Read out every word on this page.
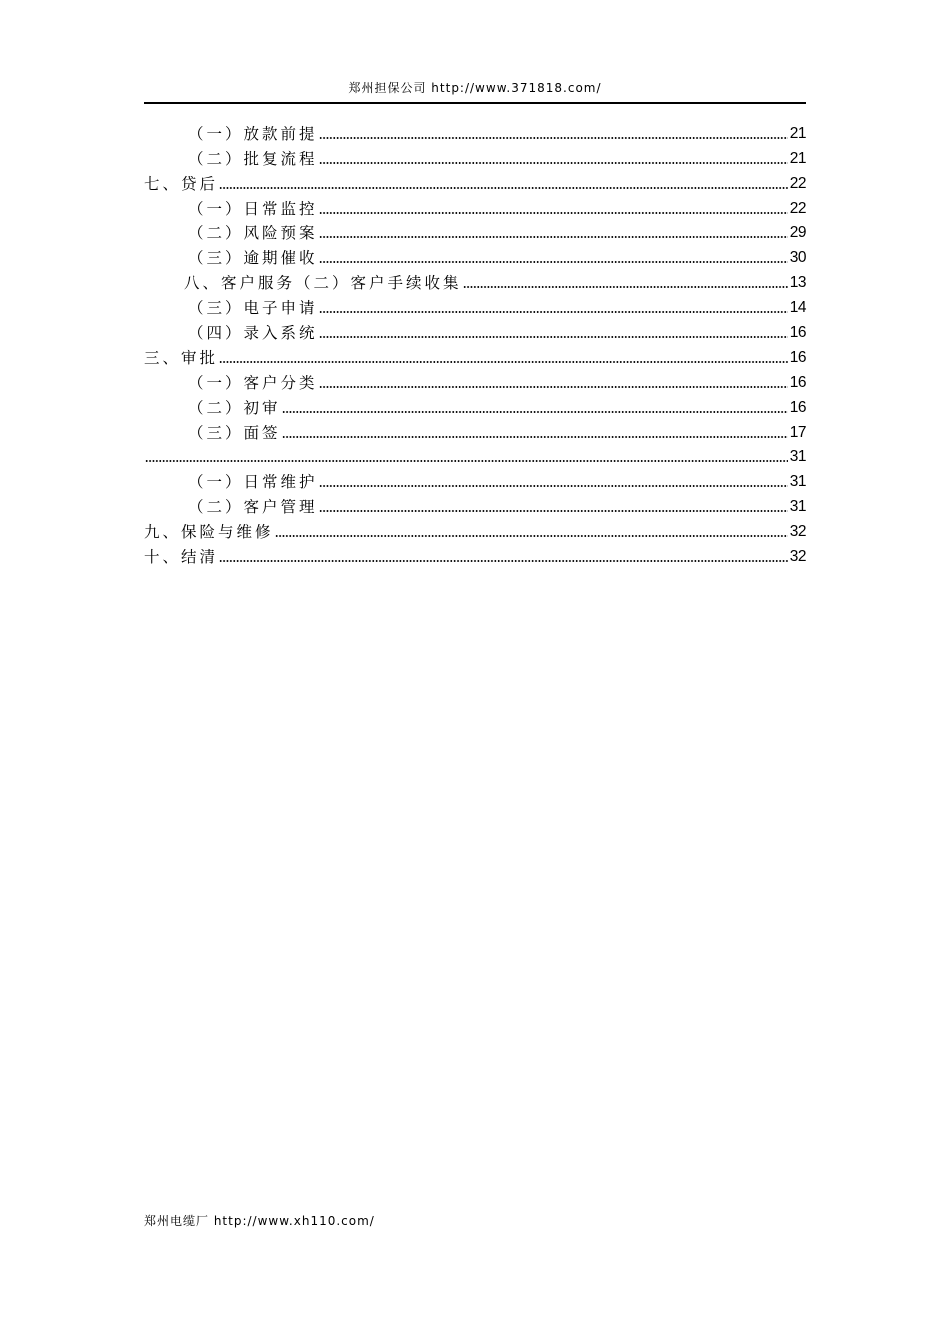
郑州担保公司 http://www.371818.com/
（一）放款前提	21
（二）批复流程	21
七、贷后	22
（一）日常监控	22
（二）风险预案	29
（三）逾期催收	30
八、客户服务（二）客户手续收集	13
（三）电子申请	14
（四）录入系统	16
三、审批	16
（一）客户分类	16
（二）初审	16
（三）面签	17
31
（一）日常维护	31
（二）客户管理	31
九、保险与维修	32
十、结清	32
郑州电缆厂 http://www.xh110.com/
